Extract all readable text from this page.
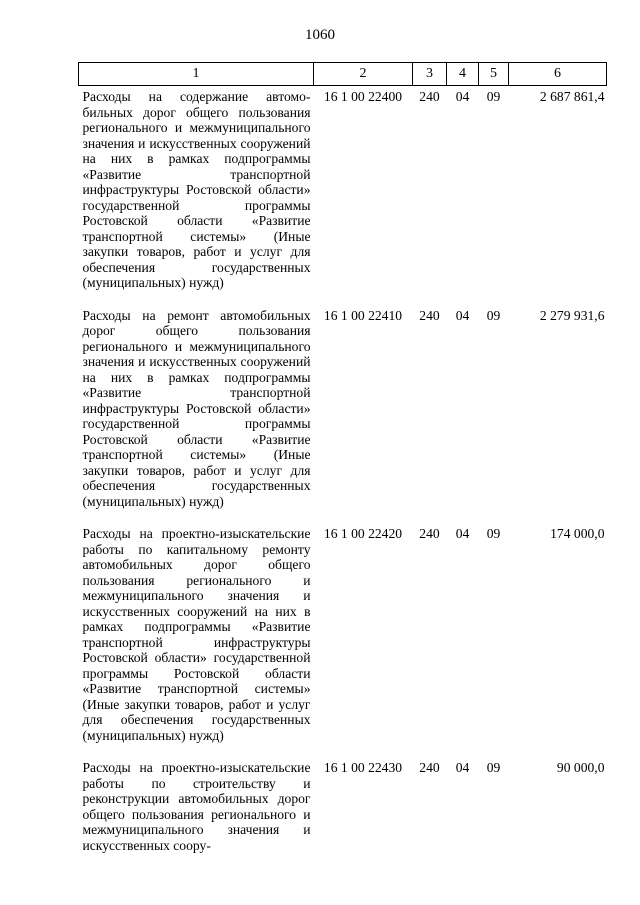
1060
1	2	3	4	5	6
Расходы на содержание автомобильных дорог общего пользования регионального и межмуниципального значения и искусственных сооружений на них в рамках подпрограммы «Развитие транспортной инфраструктуры Ростовской области» государственной программы Ростовской области «Развитие транспортной системы» (Иные закупки товаров, работ и услуг для обеспечения государственных (муниципальных) нужд)	16 1 00 22400	240	04	09	2 687 861,4
Расходы на ремонт автомобильных дорог общего пользования регионального и межмуниципального значения и искусственных сооружений на них в рамках подпрограммы «Развитие транспортной инфраструктуры Ростовской области» государственной программы Ростовской области «Развитие транспортной системы» (Иные закупки товаров, работ и услуг для обеспечения государственных (муниципальных) нужд)	16 1 00 22410	240	04	09	2 279 931,6
Расходы на проектно-изыскательские работы по капитальному ремонту автомобильных дорог общего пользования регионального и межмуниципального значения и искусственных сооружений на них в рамках подпрограммы «Развитие транспортной инфраструктуры Ростовской области» государственной программы Ростовской области «Развитие транспортной системы» (Иные закупки товаров, работ и услуг для обеспечения государственных (муниципальных) нужд)	16 1 00 22420	240	04	09	174 000,0
Расходы на проектно-изыскательские работы по строительству и реконструкции автомобильных дорог общего пользования регионального и межмуниципального значения и искусственных соору-	16 1 00 22430	240	04	09	90 000,0
